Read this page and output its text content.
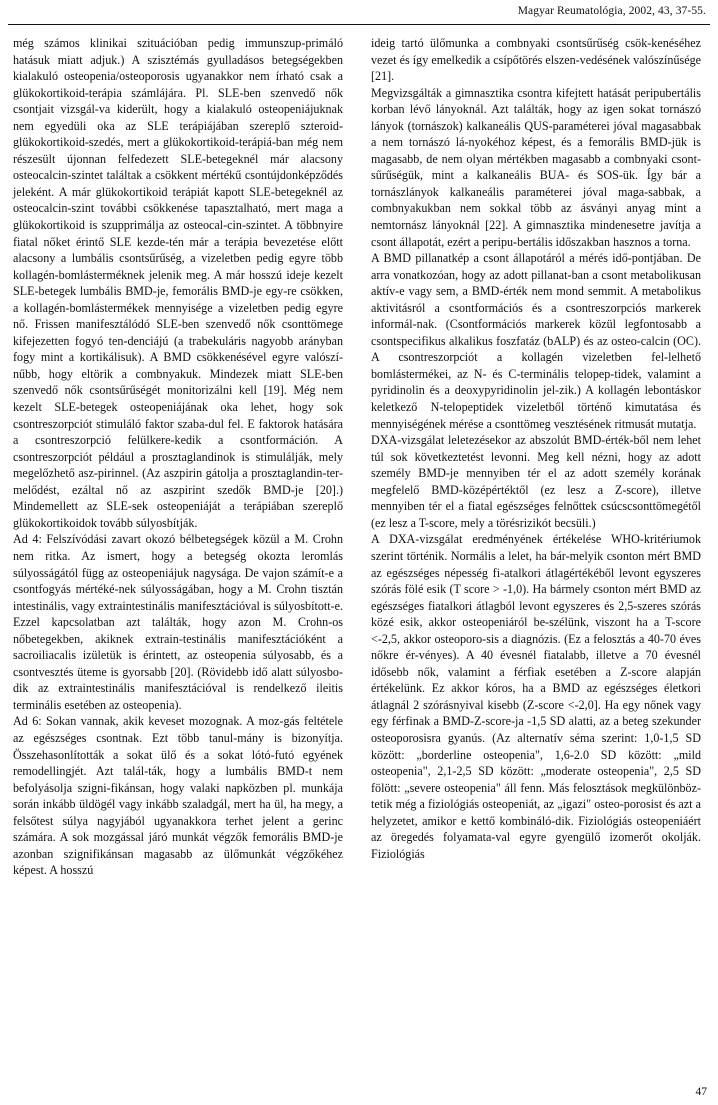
Magyar Reumatológia, 2002, 43, 37-55.

még számos klinikai szituációban pedig immunszup-primáló hatásuk miatt adjuk.) A szisztémás gyulladásos betegségekben kialakuló osteopenia/osteoporosis ugyanakkor nem írható csak a glükokortikoid-terápia számlájára. Pl. SLE-ben szenvedő nők csontjait vizsgál-va kiderült, hogy a kialakuló osteopeniájuknak nem egyedüli oka az SLE terápiájában szereplő szteroid-glükokortikoid-szedés, mert a glükokortikoid-terápiá-ban még nem részesült újonnan felfedezett SLE-betegeknél már alacsony osteocalcin-szintet találtak a csökkent mértékű csontújdonképződés jeleként. A már glükokortikoid terápiát kapott SLE-betegeknél az osteocalcin-szint további csökkenése tapasztalható, mert maga a glükokortikoid is szupprimálja az osteocal-cin-szintet. A többnyire fiatal nőket érintő SLE kezde-tén már a terápia bevezetése előtt alacsony a lumbális csontsűrűség, a vizeletben pedig egyre több kollagén-bomlásterméknek jelenik meg. A már hosszú ideje kezelt SLE-betegek lumbális BMD-je, femorális BMD-je egy-re csökken, a kollagén-bomlástermékek mennyisége a vizeletben pedig egyre nő. Frissen manifesztálódó SLE-ben szenvedő nők csonttömege kifejezetten fogyó ten-denciájú (a trabekuláris nagyobb arányban fogy mint a kortikálisuk). A BMD csökkenésével egyre valószí-nűbb, hogy eltörik a combnyakuk. Mindezek miatt SLE-ben szenvedő nők csontsűrűségét monitorizálni kell [19]. Még nem kezelt SLE-betegek osteopeniájának oka lehet, hogy sok csontreszorpciót stimuláló faktor szaba-dul fel. E faktorok hatására a csontreszorpció felülkere-kedik a csontformáción. A csontreszorpciót például a prosztaglandinok is stimulálják, mely megelőzhető asz-pirinnel. (Az aszpirin gátolja a prosztaglandin-ter-melődést, ezáltal nő az aszpirint szedők BMD-je [20].) Mindemellett az SLE-sek osteopeniáját a terápiában szereplő glükokortikoidok tovább súlyosbítják.

Ad 4: Felszívódási zavart okozó bélbetegségek közül a M. Crohn nem ritka. Az ismert, hogy a betegség okozta leromlás súlyosságától függ az osteopeniájuk nagysága. De vajon számít-e a csontfogyás mértéké-nek súlyosságában, hogy a M. Crohn tisztán intestinális, vagy extraintestinális manifesztációval is súlyosbított-e. Ezzel kapcsolatban azt találták, hogy azon M. Crohn-os nőbetegekben, akiknek extrain-testinális manifesztációként a sacroiliacalis izületük is érintett, az osteopenia súlyosabb, és a csontvesztés üteme is gyorsabb [20]. (Rövidebb idő alatt súlyosbo-dik az extraintestinális manifesztációval is rendelkező ileitis terminális esetében az osteopenia).

Ad 6: Sokan vannak, akik keveset mozognak. A moz-gás feltétele az egészséges csontnak. Ezt több tanul-mány is bizonyítja. Összehasonlították a sokat ülő és a sokat lótó-futó egyének remodellingjét. Azt talál-ták, hogy a lumbális BMD-t nem befolyásolja szigni-fikánsan, hogy valaki napközben pl. munkája során inkább üldögél vagy inkább szaladgál, mert ha ül, ha megy, a felsőtest súlya nagyjából ugyanakkora terhet jelent a gerinc számára. A sok mozgással járó munkát végzők femorális BMD-je azonban szignifikánsan magasabb az ülőmunkát végzőkéhez képest. A hosszú

ideig tartó ülőmunka a combnyaki csontsűrűség csök-kenéséhez vezet és így emelkedik a csípőtörés elszen-vedésének valószínűsége [21].

Megvizsgálták a gimnasztika csontra kifejtett hatását peripubertális korban lévő lányoknál. Azt találták, hogy az igen sokat tornászó lányok (tornászok) kalkaneális QUS-paraméterei jóval magasabbak a nem tornászó lá-nyokéhoz képest, és a femorális BMD-jük is magasabb, de nem olyan mértékben magasabb a combnyaki csont-sűrűségük, mint a kalkaneális BUA- és SOS-ük. Így bár a tornászlányok kalkaneális paraméterei jóval maga-sabbak, a combnyakukban nem sokkal több az ásványi anyag mint a nemtornász lányoknál [22]. A gimnasztika mindenesetre javítja a csont állapotát, ezért a peripu-bertális időszakban hasznos a torna.

A BMD pillanatkép a csont állapotáról a mérés idő-pontjában. De arra vonatkozóan, hogy az adott pillanat-ban a csont metabolikusan aktív-e vagy sem, a BMD-érték nem mond semmit. A metabolikus aktivitásról a csontformációs és a csontreszorpciós markerek informál-nak. (Csontformációs markerek közül legfontosabb a csontspecifikus alkalikus foszfatáz (bALP) és az osteo-calcin (OC). A csontreszorpciót a kollagén vizeletben fel-lelhető bomlástermékei, az N- és C-terminális telopep-tidek, valamint a pyridinolin és a deoxypyridinolin jel-zik.) A kollagén lebontáskor keletkező N-telopeptidek vizeletből történő kimutatása és mennyiségének mérése a csonttömeg vesztésének ritmusát mutatja.

DXA-vizsgálat leletezésekor az abszolút BMD-érték-ből nem lehet túl sok következtetést levonni. Meg kell nézni, hogy az adott személy BMD-je mennyiben tér el az adott személy korának megfelelő BMD-középértéktől (ez lesz a Z-score), illetve mennyiben tér el a fiatal egészséges felnőttek csúcscsonttömegétől (ez lesz a T-score, mely a törésrizikót becsüli.)

A DXA-vizsgálat eredményének értékelése WHO-kritériumok szerint történik. Normális a lelet, ha bár-melyik csonton mért BMD az egészséges népesség fi-atalkori átlagértékéből levont egyszeres szórás fölé esik (T score > -1,0). Ha bármely csonton mért BMD az egészséges fiatalkori átlagból levont egyszeres és 2,5-szeres szórás közé esik, akkor osteopeniáról be-szélünk, viszont ha a T-score <-2,5, akkor osteoporo-sis a diagnózis. (Ez a felosztás a 40-70 éves nőkre ér-vényes). A 40 évesnél fiatalabb, illetve a 70 évesnél idősebb nők, valamint a férfiak esetében a Z-score alapján értékelünk. Ez akkor kóros, ha a BMD az egészséges életkori átlagnál 2 szórásnyival kisebb (Z-score <-2,0]. Ha egy nőnek vagy egy férfinak a BMD-Z-score-ja -1,5 SD alatti, az a beteg szekunder osteoporosisra gyanús. (Az alternatív séma szerint: 1,0-1,5 SD között: „borderline osteopenia", 1,6-2.0 SD között: „mild osteopenia", 2,1-2,5 SD között: „moderate osteopenia", 2,5 SD fölött: „severe osteopenia" áll fenn. Más felosztások megkülönböz-tetik még a fiziológiás osteopeniát, az „igazi" osteo-porosist és azt a helyzetet, amikor e kettő kombináló-dik. Fiziológiás osteopeniáért az öregedés folyamata-val egyre gyengülő izomerőt okolják. Fiziológiás

47
